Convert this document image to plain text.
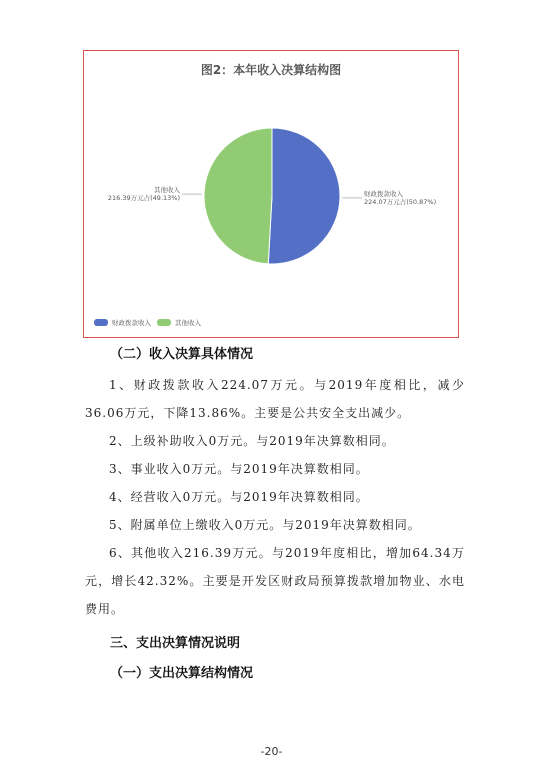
图2：本年收入决算结构图
财政拨款收入
224.07万元占(50.87%)
其他收入
216.39万元占(49.13%)
财政拨款收入	其他收入
（二）收入决算具体情况

1、财政拨款收入224.07万元。与2019年度相比，减少36.06万元，下降13.86%。主要是公共安全支出减少。

2、上级补助收入0万元。与2019年决算数相同。

3、事业收入0万元。与2019年决算数相同。

4、经营收入0万元。与2019年决算数相同。

5、附属单位上缴收入0万元。与2019年决算数相同。

6、其他收入216.39万元。与2019年度相比，增加64.34万元，增长42.32%。主要是开发区财政局预算拨款增加物业、水电费用。

三、支出决算情况说明
（一）支出决算结构情况
-20-
